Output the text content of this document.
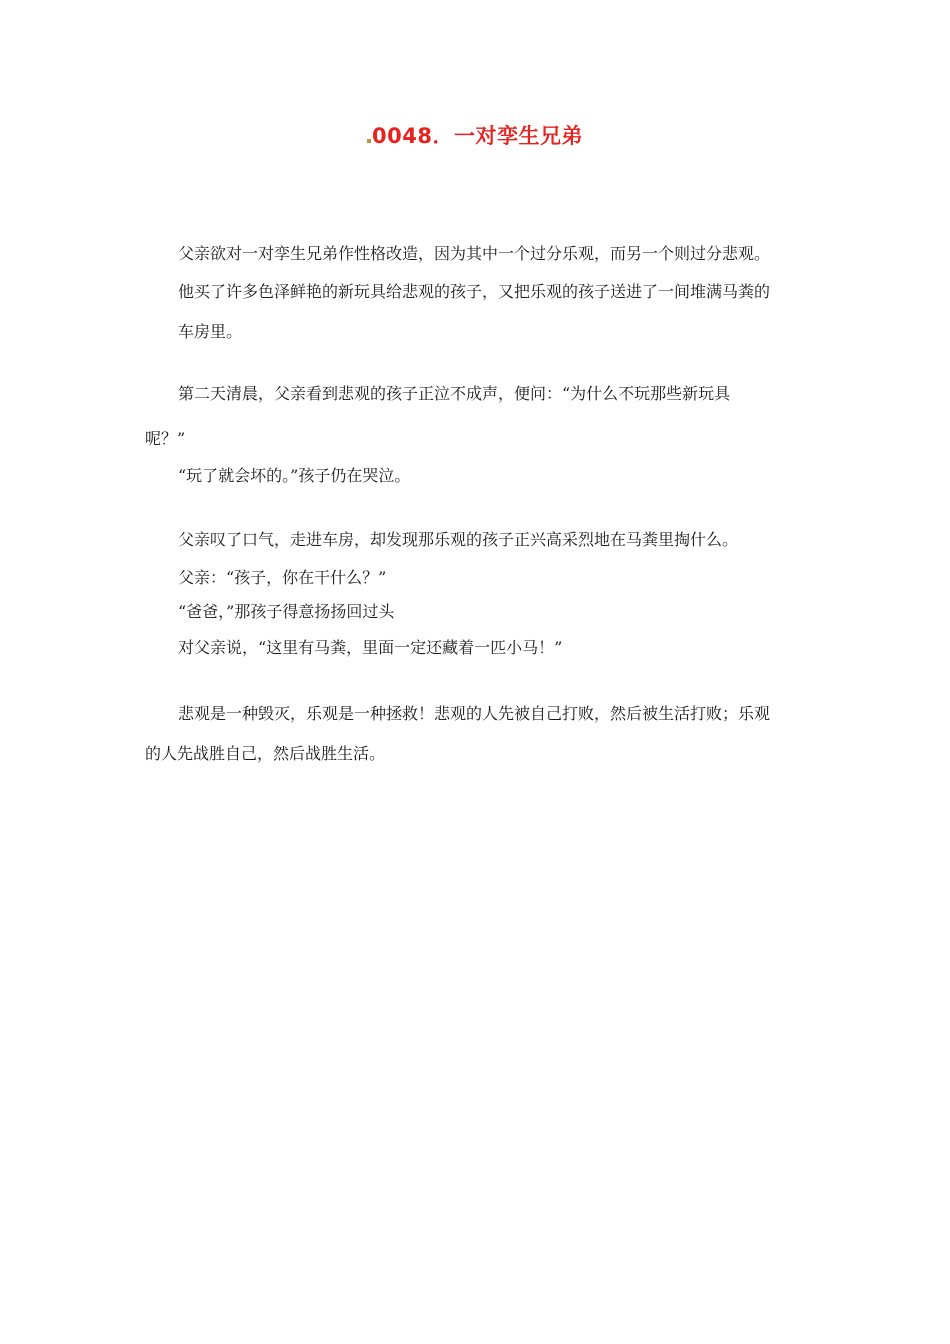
0048．一对孪生兄弟
父亲欲对一对孪生兄弟作性格改造，因为其中一个过分乐观，而另一个则过分悲观。
他买了许多色泽鲜艳的新玩具给悲观的孩子，又把乐观的孩子送进了一间堆满马粪的
车房里。
第二天清晨，父亲看到悲观的孩子正泣不成声，便问：“为什么不玩那些新玩具
呢？”
“玩了就会坏的。”孩子仍在哭泣。
父亲叹了口气，走进车房，却发现那乐观的孩子正兴高采烈地在马粪里掏什么。
父亲：“孩子，你在干什么？”
“爸爸，”那孩子得意扬扬回过头
对父亲说，“这里有马粪，里面一定还藏着一匹小马！”
悲观是一种毁灭，乐观是一种拯救！悲观的人先被自己打败，然后被生活打败；乐观
的人先战胜自己，然后战胜生活。
